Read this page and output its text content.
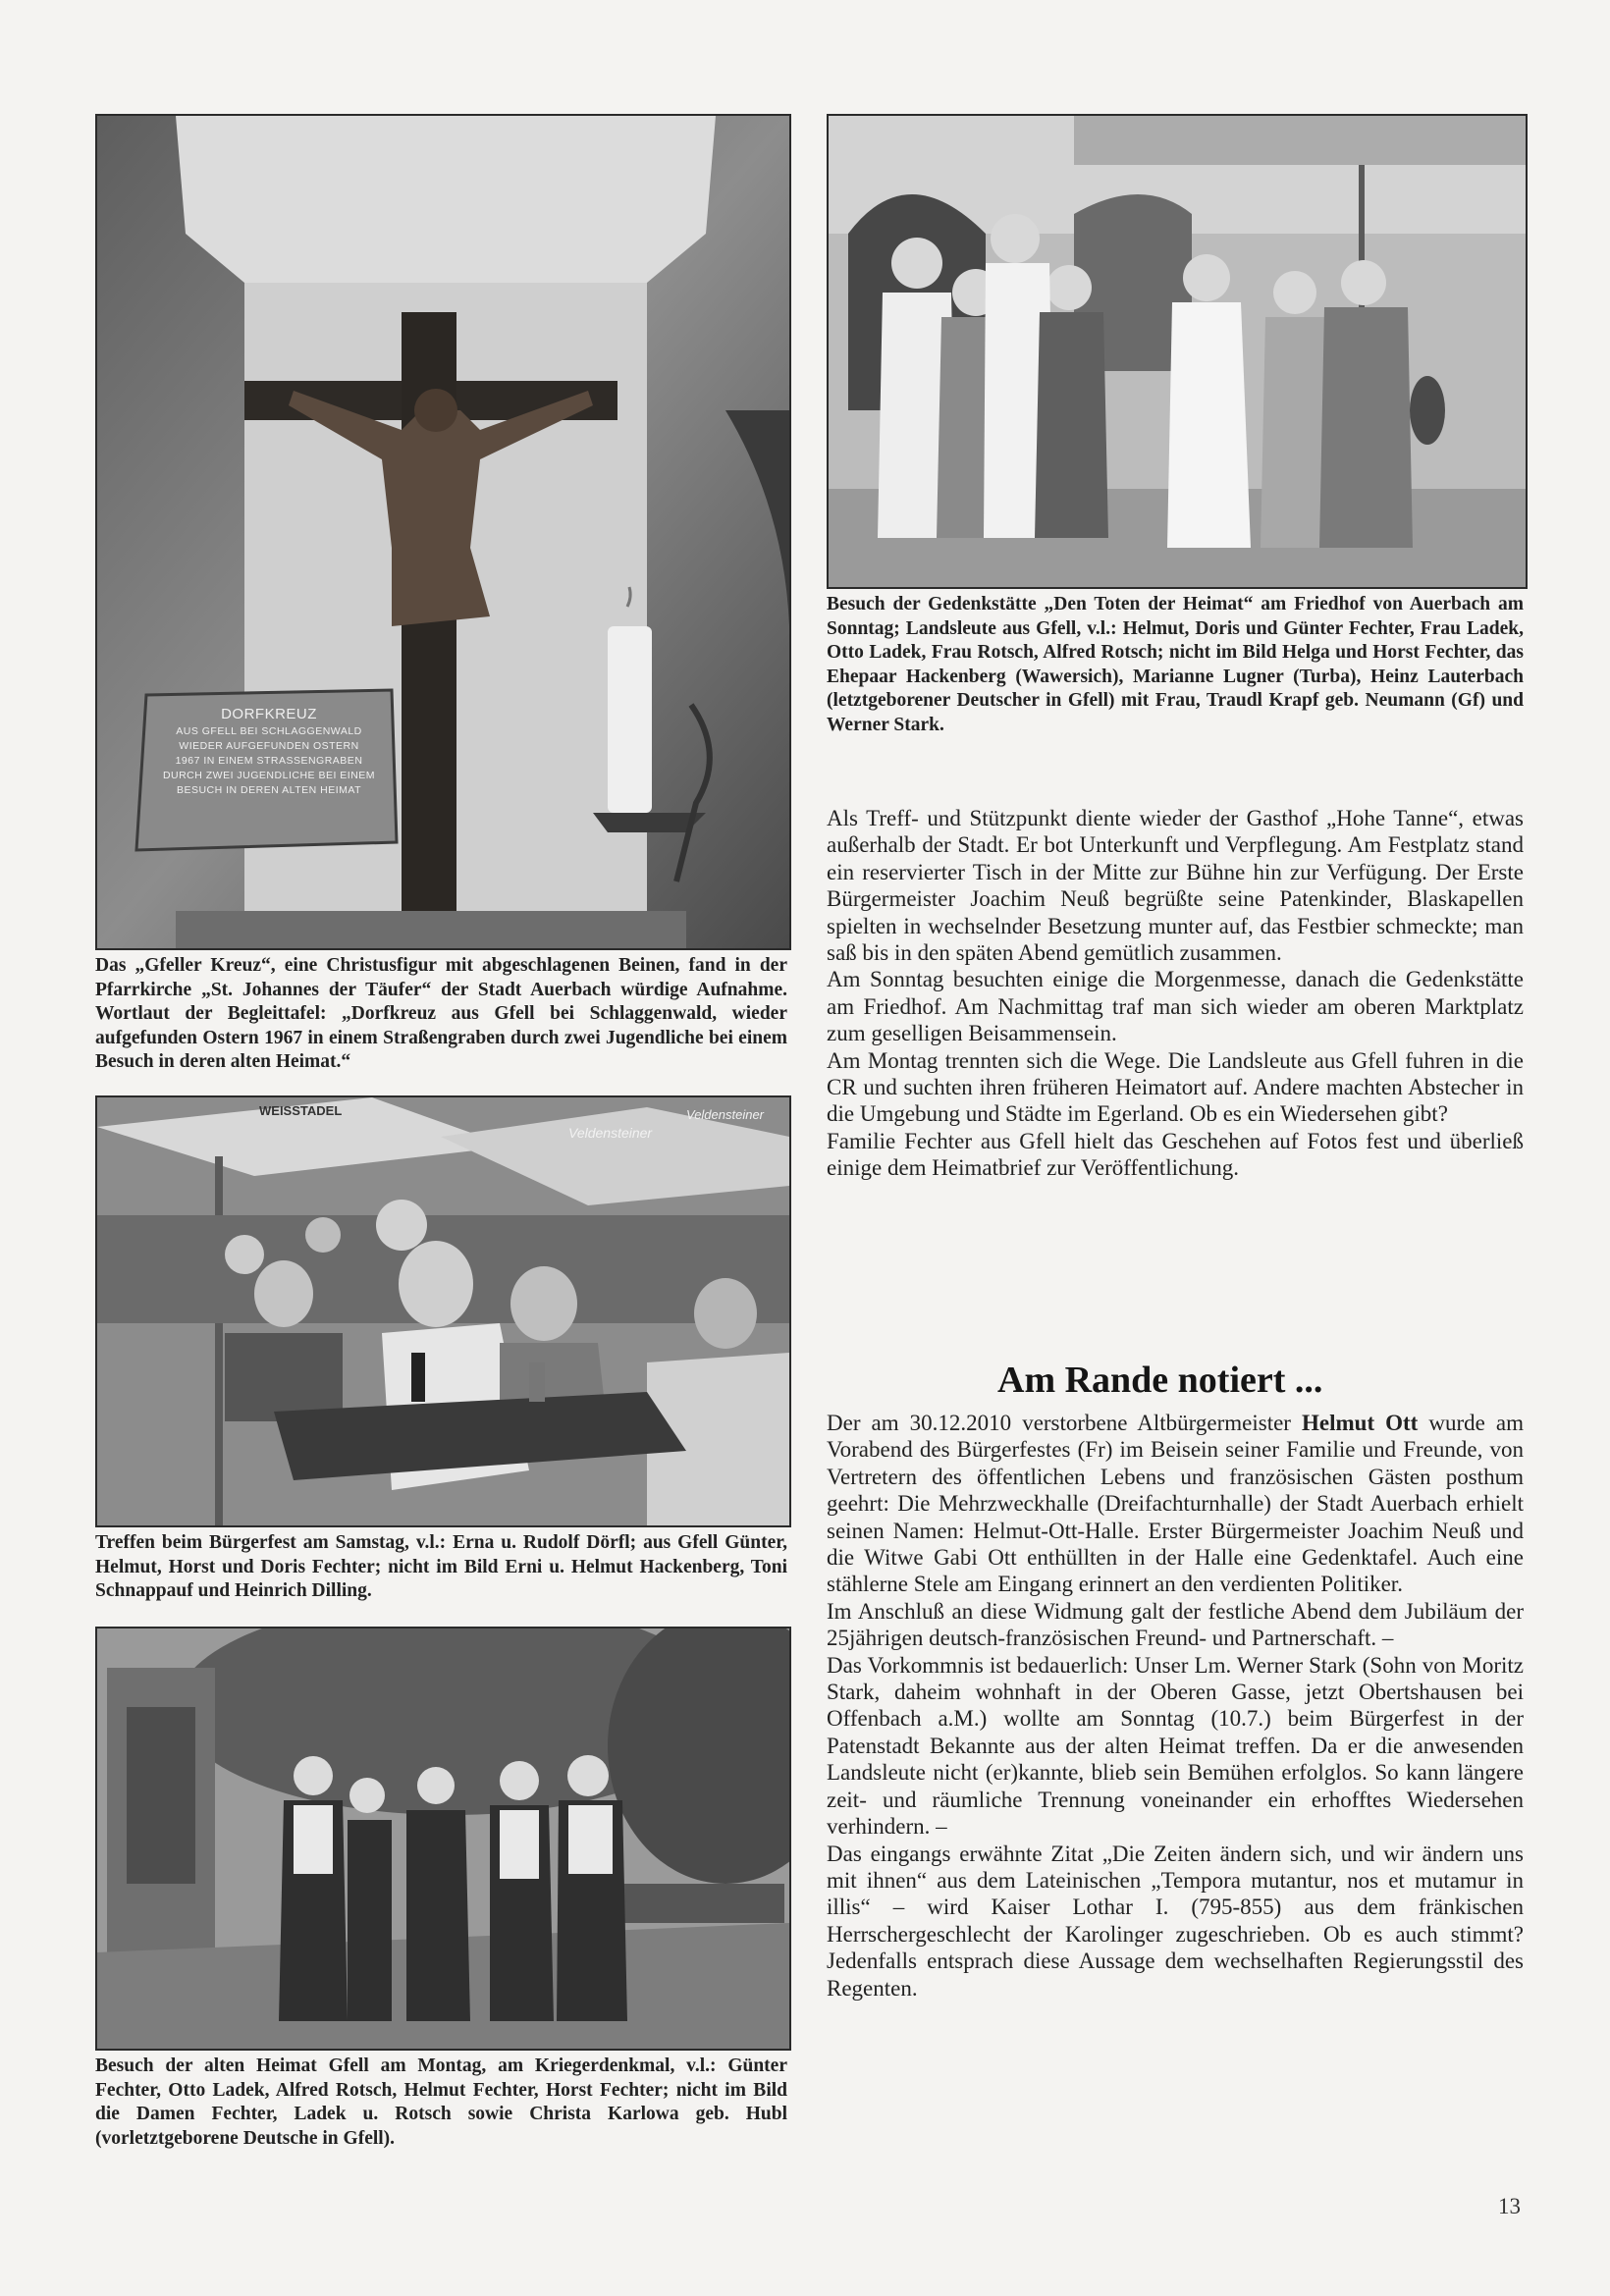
DORFKREUZ
AUS GFELL BEI SCHLAGGENWALD
WIEDER AUFGEFUNDEN OSTERN
1967 IN EINEM STRASSENGRABEN
DURCH ZWEI JUGENDLICHE BEI EINEM
BESUCH IN DEREN ALTEN HEIMAT

Das „Gfeller Kreuz“, eine Christusfigur mit abgeschlagenen Beinen, fand in der Pfarrkirche „St. Johannes der Täufer“ der Stadt Auerbach würdige Aufnahme. Wortlaut der Begleittafel: „Dorfkreuz aus Gfell bei Schlaggenwald, wieder aufgefunden Ostern 1967 in einem Straßengraben durch zwei Jugendliche bei einem Besuch in deren alten Heimat.“

WEISSTADEL
Veldensteiner
Veldensteiner

Treffen beim Bürgerfest am Samstag, v.l.: Erna u. Rudolf Dörfl; aus Gfell Günter, Helmut, Horst und Doris Fechter; nicht im Bild Erni u. Helmut Hackenberg, Toni Schnappauf und Heinrich Dilling.

Besuch der alten Heimat Gfell am Montag, am Kriegerdenkmal, v.l.: Günter Fechter, Otto Ladek, Alfred Rotsch, Helmut Fechter, Horst Fechter; nicht im Bild die Damen Fechter, Ladek u. Rotsch sowie Christa Karlowa geb. Hubl (vorletztgeborene Deutsche in Gfell).

Besuch der Gedenkstätte „Den Toten der Heimat“ am Friedhof von Auerbach am Sonntag; Landsleute aus Gfell, v.l.: Helmut, Doris und Günter Fechter, Frau Ladek, Otto Ladek, Frau Rotsch, Alfred Rotsch; nicht im Bild Helga und Horst Fechter, das Ehepaar Hackenberg (Wawersich), Marianne Lugner (Turba), Heinz Lauterbach (letztgeborener Deutscher in Gfell) mit Frau, Traudl Krapf geb. Neumann (Gf) und Werner Stark.

Als Treff- und Stützpunkt diente wieder der Gasthof „Hohe Tanne“, etwas außerhalb der Stadt. Er bot Unterkunft und Verpflegung. Am Festplatz stand ein reservierter Tisch in der Mitte zur Bühne hin zur Verfügung. Der Erste Bürgermeister Joachim Neuß begrüßte seine Patenkinder, Blaskapellen spielten in wechselnder Besetzung munter auf, das Festbier schmeckte; man saß bis in den späten Abend gemütlich zusammen.

Am Sonntag besuchten einige die Morgenmesse, danach die Gedenkstätte am Friedhof. Am Nachmittag traf man sich wieder am oberen Marktplatz zum geselligen Beisammensein.

Am Montag trennten sich die Wege. Die Landsleute aus Gfell fuhren in die CR und suchten ihren früheren Heimatort auf. Andere machten Abstecher in die Umgebung und Städte im Egerland. Ob es ein Wiedersehen gibt?

Familie Fechter aus Gfell hielt das Geschehen auf Fotos fest und überließ einige dem Heimatbrief zur Veröffentlichung.

Am Rande notiert ...

Der am 30.12.2010 verstorbene Altbürgermeister Helmut Ott wurde am Vorabend des Bürgerfestes (Fr) im Beisein seiner Familie und Freunde, von Vertretern des öffentlichen Lebens und französischen Gästen posthum geehrt: Die Mehrzweckhalle (Dreifachturnhalle) der Stadt Auerbach erhielt seinen Namen: Helmut-Ott-Halle. Erster Bürgermeister Joachim Neuß und die Witwe Gabi Ott enthüllten in der Halle eine Gedenktafel. Auch eine stählerne Stele am Eingang erinnert an den verdienten Politiker.

Im Anschluß an diese Widmung galt der festliche Abend dem Jubiläum der 25jährigen deutsch-französischen Freund- und Partnerschaft. –

Das Vorkommnis ist bedauerlich: Unser Lm. Werner Stark (Sohn von Moritz Stark, daheim wohnhaft in der Oberen Gasse, jetzt Obertshausen bei Offenbach a.M.) wollte am Sonntag (10.7.) beim Bürgerfest in der Patenstadt Bekannte aus der alten Heimat treffen. Da er die anwesenden Landsleute nicht (er)kannte, blieb sein Bemühen erfolglos. So kann längere zeit- und räumliche Trennung voneinander ein erhofftes Wiedersehen verhindern. –

Das eingangs erwähnte Zitat „Die Zeiten ändern sich, und wir ändern uns mit ihnen“ aus dem Lateinischen „Tempora mutantur, nos et mutamur in illis“ – wird Kaiser Lothar I. (795-855) aus dem fränkischen Herrschergeschlecht der Karolinger zugeschrieben. Ob es auch stimmt? Jedenfalls entsprach diese Aussage dem wechselhaften Regierungsstil des Regenten.

13
